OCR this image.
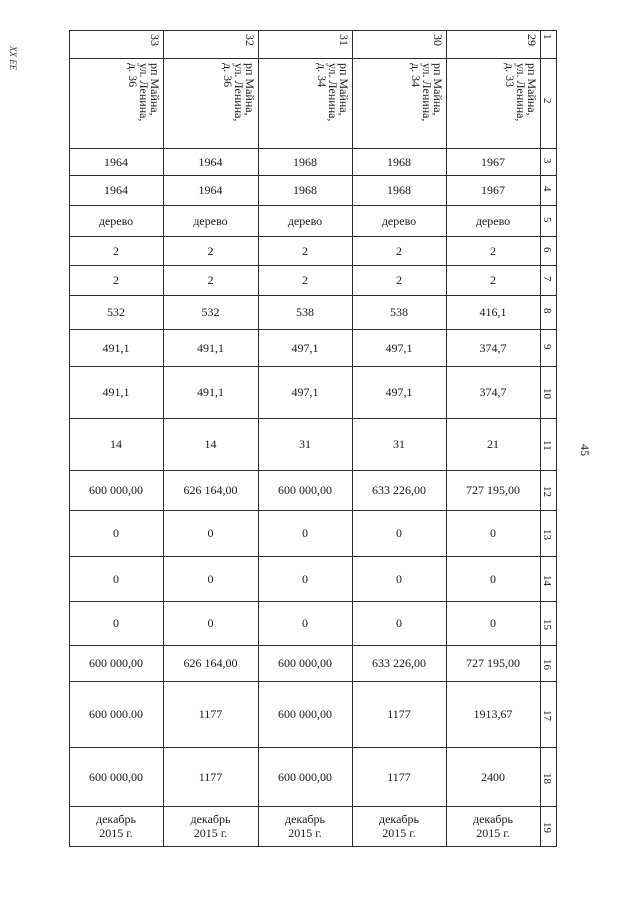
ХХ ЕЕ
45
1
2
3
4
5
6
7
8
9
10
11
12
13
14
15
16
17
18
19
29
рп Майна,
ул. Ленина,
д. 33
1967
1967
дерево
2
2
416,1
374,7
374,7
21
727 195,00
0
0
0
727 195,00
1913,67
2400
декабрь
2015 г.
30
рп Майна,
ул. Ленина,
д. 34
1968
1968
дерево
2
2
538
497,1
497,1
31
633 226,00
0
0
0
633 226,00
1177
1177
декабрь
2015 г.
31
рп Майна,
ул. Ленина,
д. 34
1968
1968
дерево
2
2
538
497,1
497,1
31
600 000,00
0
0
0
600 000,00
600 000,00
600 000,00
декабрь
2015 г.
32
рп Майна,
ул. Ленина,
д. 36
1964
1964
дерево
2
2
532
491,1
491,1
14
626 164,00
0
0
0
626 164,00
1177
1177
декабрь
2015 г.
33
рп Майна,
ул. Ленина,
д. 36
1964
1964
дерево
2
2
532
491,1
491,1
14
600 000,00
0
0
0
600 000,00
600 000.00
600 000,00
декабрь
2015 г.
